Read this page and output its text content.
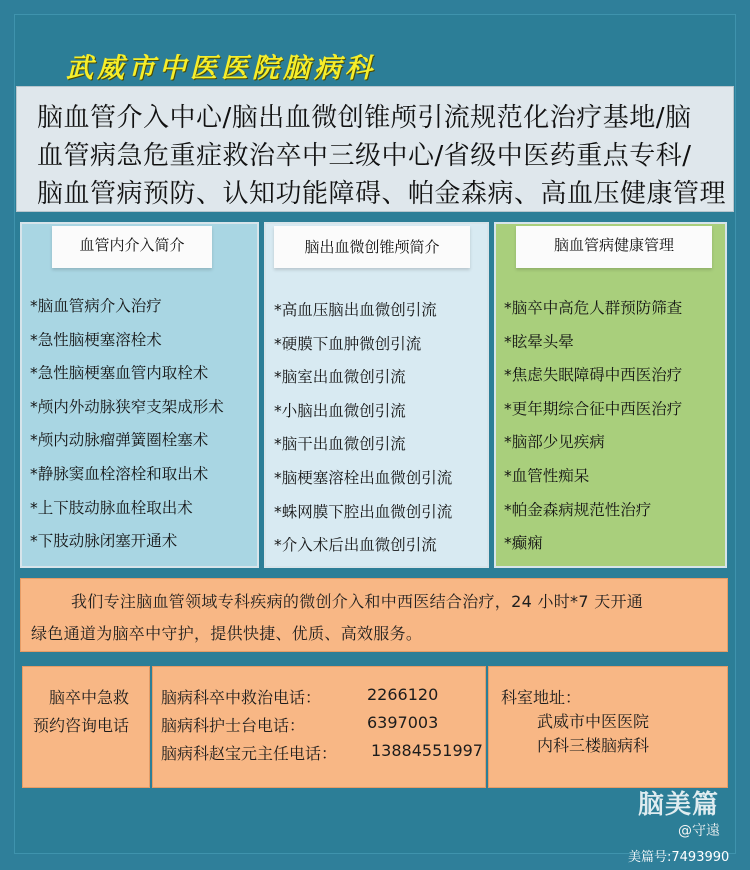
武威市中医医院脑病科

脑血管介入中心/脑出血微创锥颅引流规范化治疗基地/脑

血管病急危重症救治卒中三级中心/省级中医药重点专科/

脑血管病预防、认知功能障碍、帕金森病、高血压健康管理

血管内介入简介
*脑血管病介入治疗
*急性脑梗塞溶栓术
*急性脑梗塞血管内取栓术
*颅内外动脉狭窄支架成形术
*颅内动脉瘤弹簧圈栓塞术
*静脉窦血栓溶栓和取出术
*上下肢动脉血栓取出术
*下肢动脉闭塞开通术
脑出血微创锥颅简介
*高血压脑出血微创引流
*硬膜下血肿微创引流
*脑室出血微创引流
*小脑出血微创引流
*脑干出血微创引流
*脑梗塞溶栓出血微创引流
*蛛网膜下腔出血微创引流
*介入术后出血微创引流
脑血管病健康管理
*脑卒中高危人群预防筛查
*眩晕头晕
*焦虑失眠障碍中西医治疗
*更年期综合征中西医治疗
*脑部少见疾病
*血管性痴呆
*帕金森病规范性治疗
*癫痫

我们专注脑血管领域专科疾病的微创介入和中西医结合治疗，24 小时*7 天开通

绿色通道为脑卒中守护，提供快捷、优质、高效服务。

脑卒中急救
预约咨询电话
脑病科卒中救治电话：	2266120
脑病科护士台电话：	6397003
脑病科赵宝元主任电话： 13884551997
科室地址：
武威市中医医院
内科三楼脑病科
脑美篇
@守遠
美篇号:7493990
